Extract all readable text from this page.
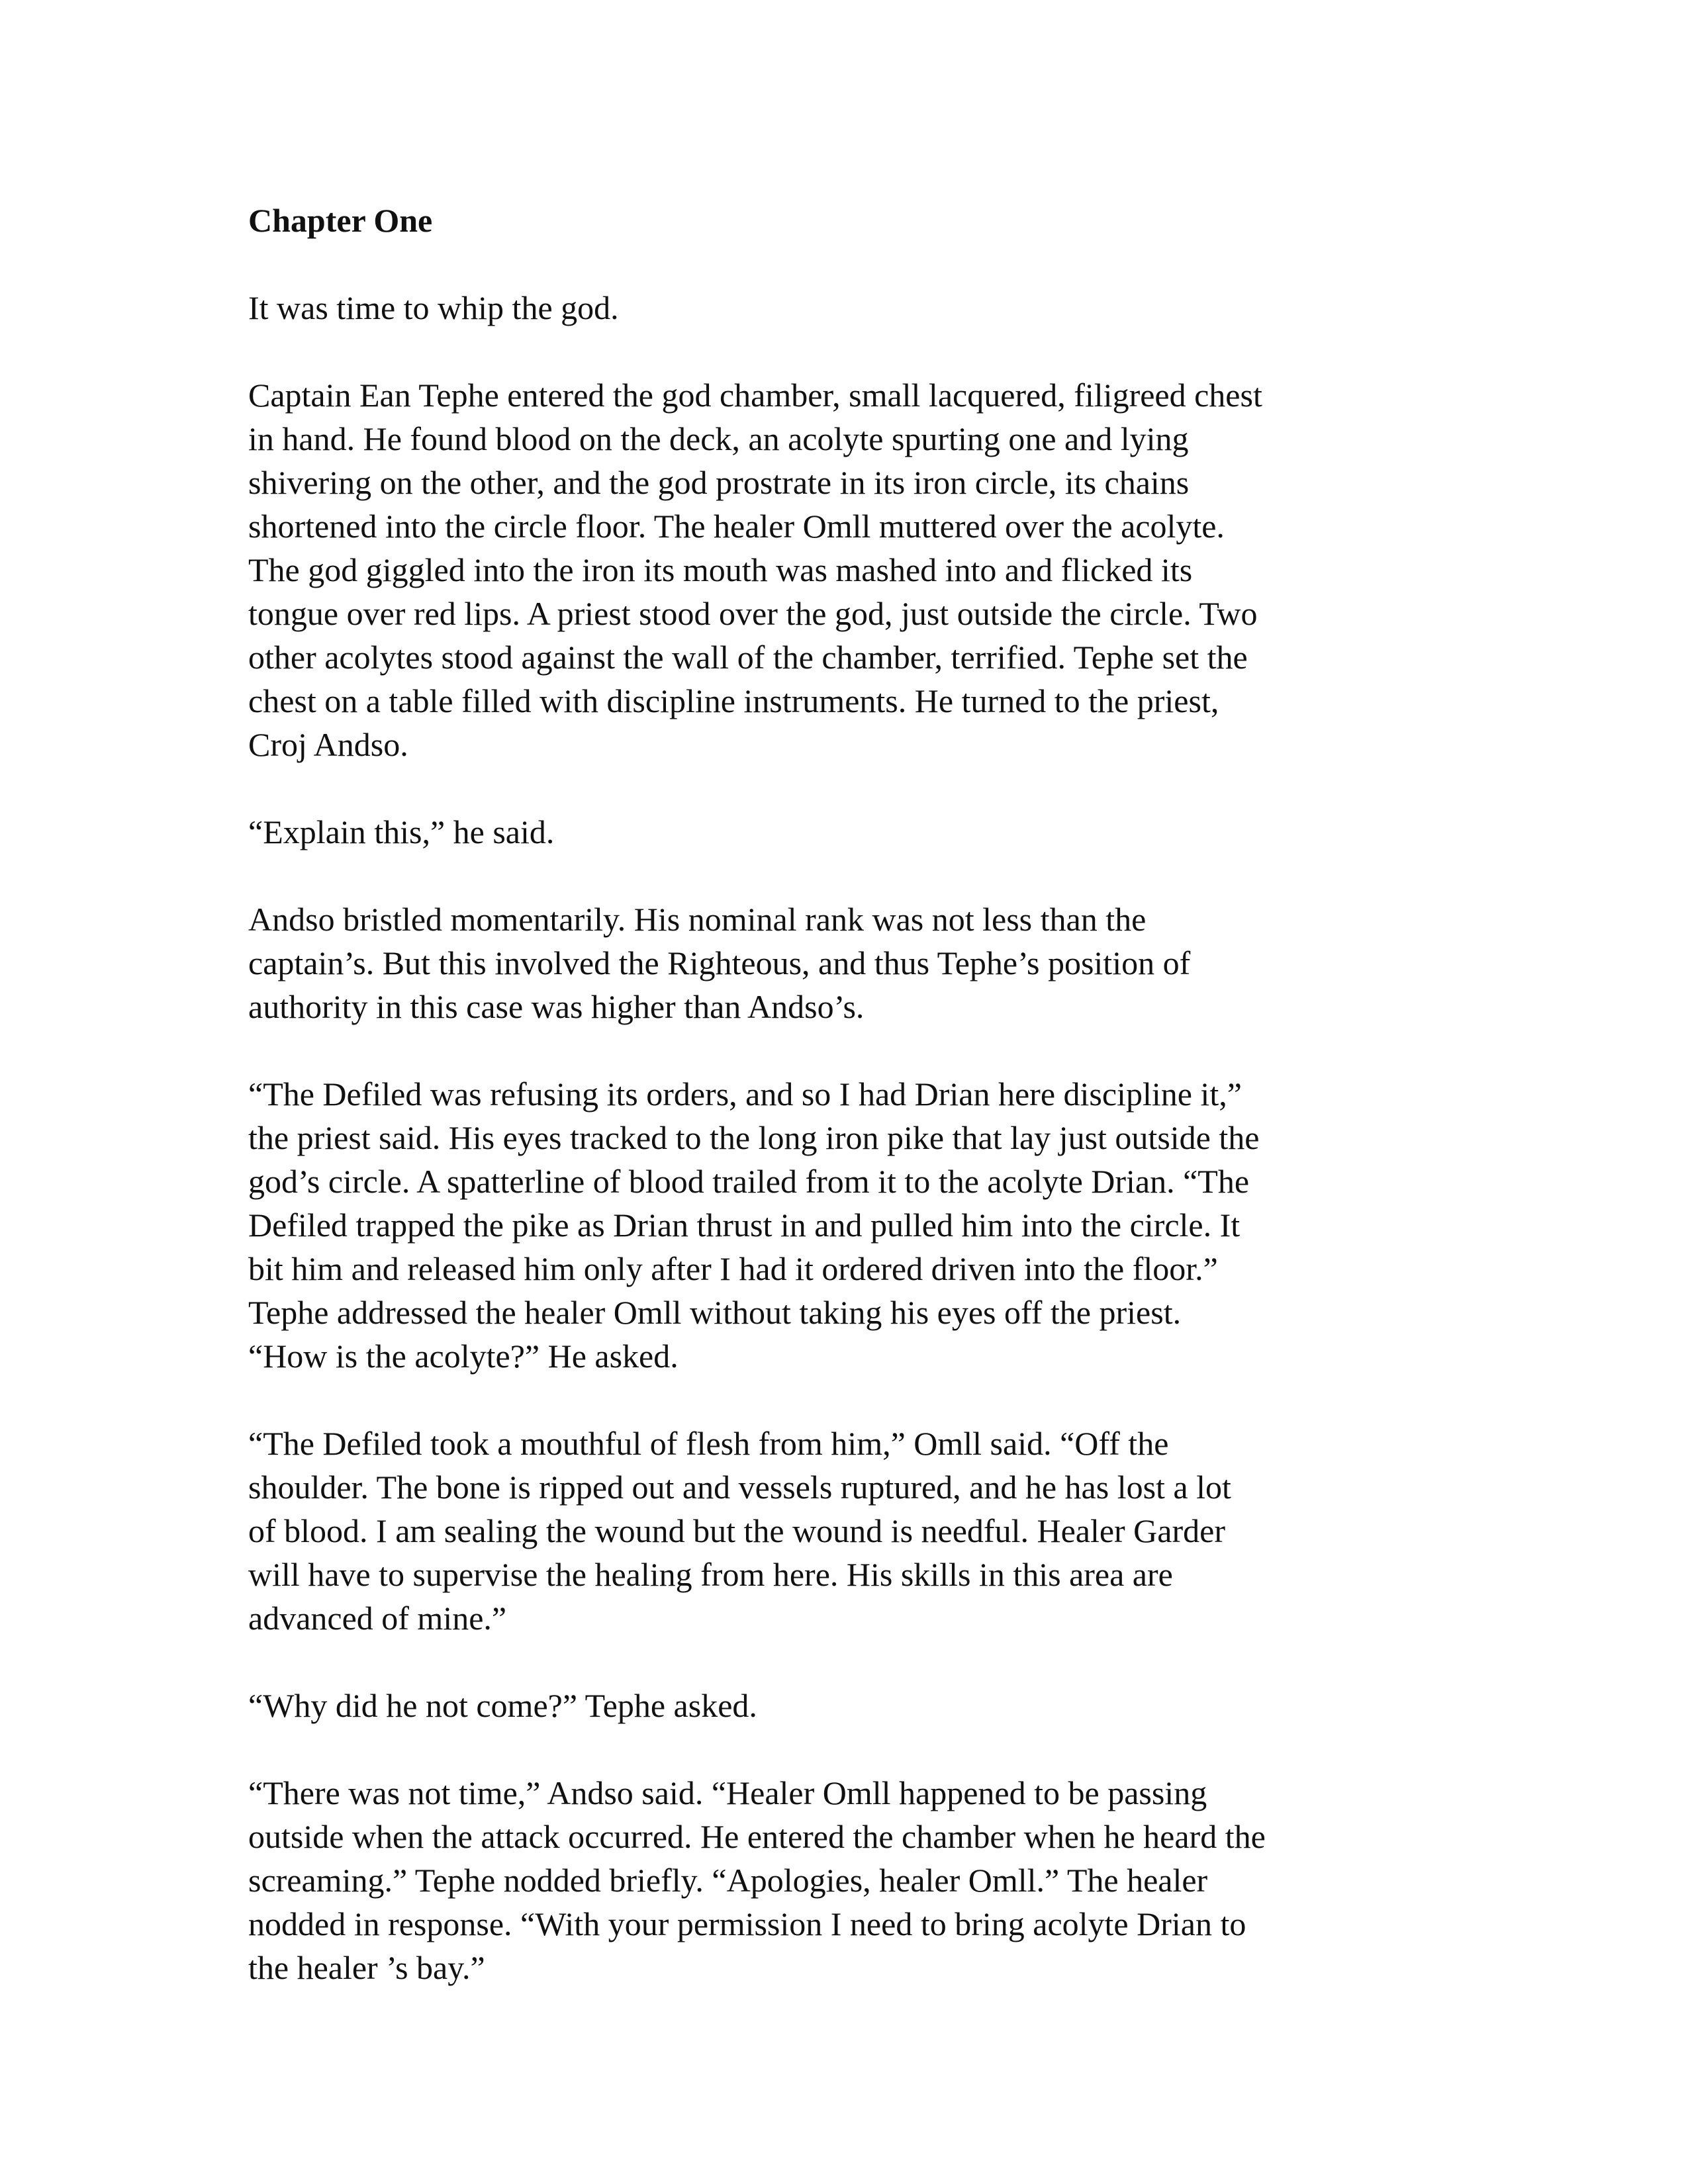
Chapter One

It was time to whip the god.

Captain Ean Tephe entered the god chamber, small lacquered, filigreed chest
in hand. He found blood on the deck, an acolyte spurting one and lying
shivering on the other, and the god prostrate in its iron circle, its chains
shortened into the circle floor. The healer Omll muttered over the acolyte.
The god giggled into the iron its mouth was mashed into and flicked its
tongue over red lips. A priest stood over the god, just outside the circle. Two
other acolytes stood against the wall of the chamber, terrified. Tephe set the
chest on a table filled with discipline instruments. He turned to the priest,
Croj Andso.

“Explain this,” he said.

Andso bristled momentarily. His nominal rank was not less than the
captain’s. But this involved the Righteous, and thus Tephe’s position of
authority in this case was higher than Andso’s.

“The Defiled was refusing its orders, and so I had Drian here discipline it,”
the priest said. His eyes tracked to the long iron pike that lay just outside the
god’s circle. A spatterline of blood trailed from it to the acolyte Drian. “The
Defiled trapped the pike as Drian thrust in and pulled him into the circle. It
bit him and released him only after I had it ordered driven into the floor.”
Tephe addressed the healer Omll without taking his eyes off the priest.
“How is the acolyte?” He asked.

“The Defiled took a mouthful of flesh from him,” Omll said. “Off the
shoulder. The bone is ripped out and vessels ruptured, and he has lost a lot
of blood. I am sealing the wound but the wound is needful. Healer Garder
will have to supervise the healing from here. His skills in this area are
advanced of mine.”

“Why did he not come?” Tephe asked.

“There was not time,” Andso said. “Healer Omll happened to be passing
outside when the attack occurred. He entered the chamber when he heard the
screaming.” Tephe nodded briefly. “Apologies, healer Omll.” The healer
nodded in response. “With your permission I need to bring acolyte Drian to
the healer ’s bay.”
